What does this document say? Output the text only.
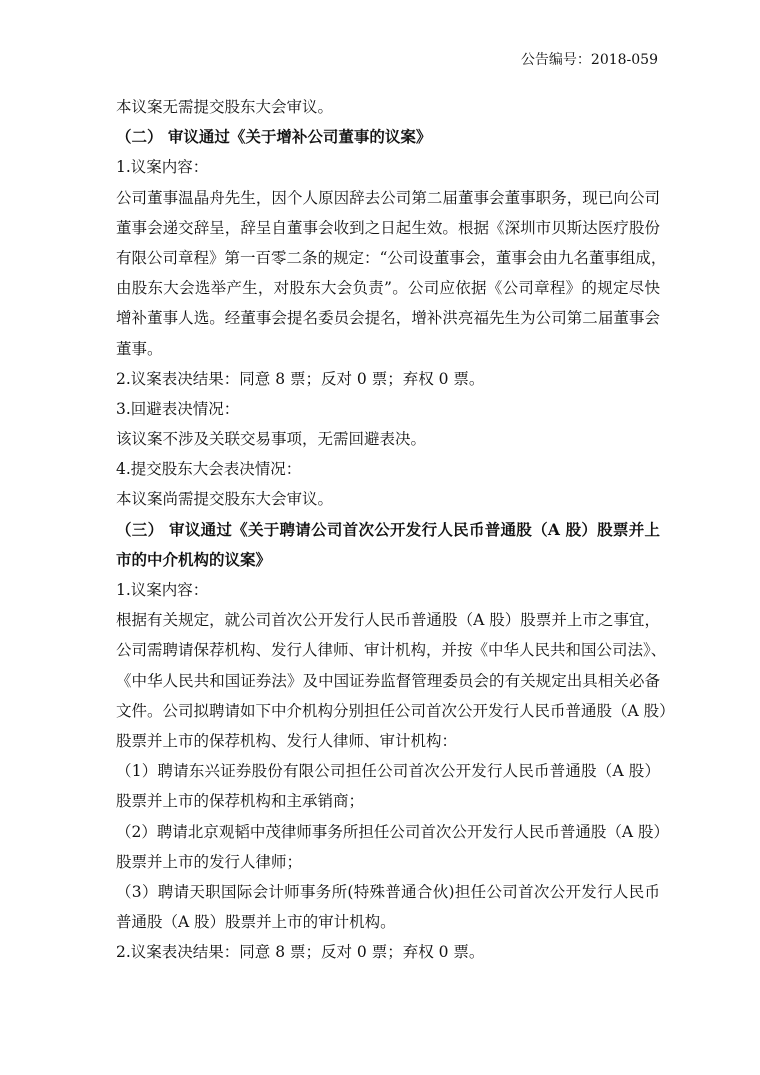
公告编号：2018-059
本议案无需提交股东大会审议。
（二） 审议通过《关于增补公司董事的议案》
1.议案内容：
公司董事温晶舟先生，因个人原因辞去公司第二届董事会董事职务，现已向公司
董事会递交辞呈，辞呈自董事会收到之日起生效。根据《深圳市贝斯达医疗股份
有限公司章程》第一百零二条的规定：“公司设董事会，董事会由九名董事组成，
由股东大会选举产生，对股东大会负责”。公司应依据《公司章程》的规定尽快
增补董事人选。经董事会提名委员会提名，增补洪亮福先生为公司第二届董事会
董事。
2.议案表决结果：同意 8 票；反对 0 票；弃权 0 票。
3.回避表决情况：
该议案不涉及关联交易事项，无需回避表决。
4.提交股东大会表决情况：
本议案尚需提交股东大会审议。
（三） 审议通过《关于聘请公司首次公开发行人民币普通股（A 股）股票并上
市的中介机构的议案》
1.议案内容：
根据有关规定，就公司首次公开发行人民币普通股（A 股）股票并上市之事宜，
公司需聘请保荐机构、发行人律师、审计机构，并按《中华人民共和国公司法》、
《中华人民共和国证券法》及中国证券监督管理委员会的有关规定出具相关必备
文件。公司拟聘请如下中介机构分别担任公司首次公开发行人民币普通股（A 股）
股票并上市的保荐机构、发行人律师、审计机构：
（1）聘请东兴证券股份有限公司担任公司首次公开发行人民币普通股（A 股）
股票并上市的保荐机构和主承销商；
（2）聘请北京观韬中茂律师事务所担任公司首次公开发行人民币普通股（A 股）
股票并上市的发行人律师；
（3）聘请天职国际会计师事务所(特殊普通合伙)担任公司首次公开发行人民币
普通股（A 股）股票并上市的审计机构。
2.议案表决结果：同意 8 票；反对 0 票；弃权 0 票。
